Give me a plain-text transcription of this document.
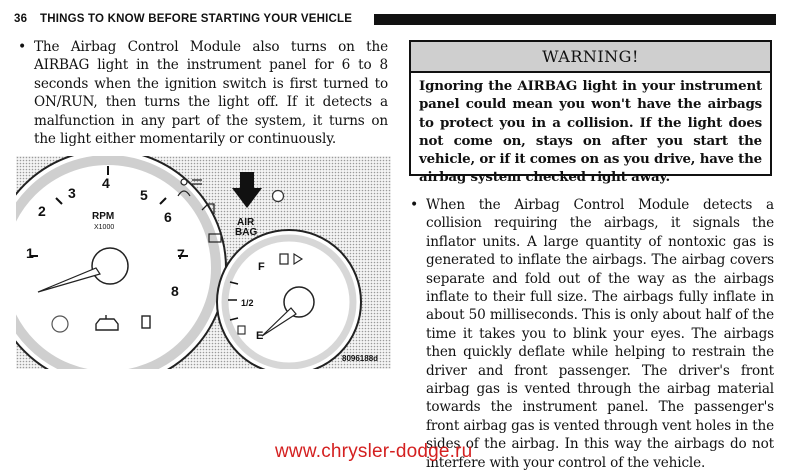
36 THINGS TO KNOW BEFORE STARTING YOUR VEHICLE
• The Airbag Control Module also turns on the AIRBAG light in the instrument panel for 6 to 8 seconds when the ignition switch is first turned to ON/RUN, then turns the light off. If it detects a malfunction in any part of the system, it turns on the light either momentarily or continuously.
1
2
3
4
5
6
7
8
RPM
X1000	AIR
BAG
F
1/2
E
8096188d
WARNING!
Ignoring the AIRBAG light in your instrument panel could mean you won't have the airbags to protect you in a collision. If the light does not come on, stays on after you start the vehicle, or if it comes on as you drive, have the airbag system checked right away.
• When the Airbag Control Module detects a collision requiring the airbags, it signals the inflator units. A large quantity of nontoxic gas is generated to inflate the airbags. The airbag covers separate and fold out of the way as the airbags inflate to their full size. The airbags fully inflate in about 50 milliseconds. This is only about half of the time it takes you to blink your eyes. The airbags then quickly deflate while helping to restrain the driver and front passenger. The driver's front airbag gas is vented through the airbag material towards the instrument panel. The passenger's front airbag gas is vented through vent holes in the sides of the airbag. In this way the airbags do not interfere with your control of the vehicle.
www.chrysler-dodge.ru
